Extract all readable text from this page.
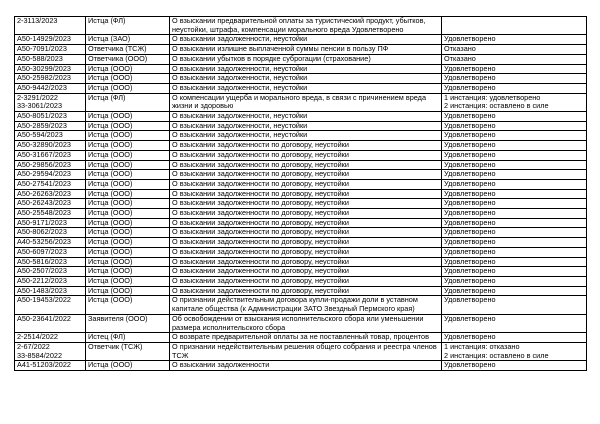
2-3113/2023	Истца (ФЛ)	О взыскании предварительной оплаты за туристический продукт, убытков, неустойки, штрафа, компенсации морального вреда Удовлетворено	
А50-14929/2023	Истца (ЗАО)	О взыскании задолженности, неустойки	Удовлетворено
А50-7091/2023	Ответчика (ТСЖ)	О взыскании излишне выплаченной суммы пенсии в пользу ПФ	Отказано
А50-588/2023	Ответчика (ООО)	О взыскании убытков в порядке суброгации (страхование)	Отказано
А50-30299/2023	Истца (ООО)	О взыскании задолженности, неустойки	Удовлетворено
А50-25982/2023	Истца (ООО)	О взыскании задолженности, неустойки	Удовлетворено
А50-9442/2023	Истца (ООО)	О взыскании задолженности, неустойки	Удовлетворено
2-3291/2022
33-3061/2023	Истца (ФЛ)	О компенсации ущерба и морального вреда, в связи с причинением вреда жизни и здоровью	1 инстанция: удовлетворено
2 инстанция: оставлено в силе
А50-8051/2023	Истца (ООО)	О взыскании задолженности, неустойки	Удовлетворено
А50-2859/2023	Истца (ООО)	О взыскании задолженности, неустойки	Удовлетворено
А50-594/2023	Истца (ООО)	О взыскании задолженности, неустойки	Удовлетворено
А50-32890/2023	Истца (ООО)	О взыскании задолженности по договору, неустойки	Удовлетворено
А50-31667/2023	Истца (ООО)	О взыскании задолженности по договору, неустойки	Удовлетворено
А50-29856/2023	Истца (ООО)	О взыскании задолженности по договору, неустойки	Удовлетворено
А50-29594/2023	Истца (ООО)	О взыскании задолженности по договору, неустойки	Удовлетворено
А50-27541/2023	Истца (ООО)	О взыскании задолженности по договору, неустойки	Удовлетворено
А50-26263/2023	Истца (ООО)	О взыскании задолженности по договору, неустойки	Удовлетворено
А50-26243/2023	Истца (ООО)	О взыскании задолженности по договору, неустойки	Удовлетворено
А50-25548/2023	Истца (ООО)	О взыскании задолженности по договору, неустойки	Удовлетворено
А50-9171/2023	Истца (ООО)	О взыскании задолженности по договору, неустойки	Удовлетворено
А50-8062/2023	Истца (ООО)	О взыскании задолженности по договору, неустойки	Удовлетворено
А40-53256/2023	Истца (ООО)	О взыскании задолженности по договору, неустойки	Удовлетворено
А50-6097/2023	Истца (ООО)	О взыскании задолженности по договору, неустойки	Удовлетворено
А50-5816/2023	Истца (ООО)	О взыскании задолженности по договору, неустойки	Удовлетворено
А50-2507/2023	Истца (ООО)	О взыскании задолженности по договору, неустойки	Удовлетворено
А50-2212/2023	Истца (ООО)	О взыскании задолженности по договору, неустойки	Удовлетворено
А50-1483/2023	Истца (ООО)	О взыскании задолженности по договору, неустойки	Удовлетворено
А50-19453/2022	Истца (ООО)	О признании действительным договора купли-продажи доли в уставном капитале общества (к Администрации ЗАТО Звездный Пермского края)	Удовлетворено
А50-23641/2022	Заявителя (ООО)	Об освобождении от взыскания исполнительского сбора или уменьшении размера исполнительского сбора	Удовлетворено
2-2514/2022	Истец (ФЛ)	О возврате предварительной оплаты за не поставленный товар, процентов	Удовлетворено
2-67/2022
33-8584/2022	Ответчик (ТСЖ)	О признании недействительным решения общего собрания и реестра членов ТСЖ	1 инстанция: отказано
2 инстанция: оставлено в силе
А41-51203/2022	Истца (ООО)	О взыскании задолженности	Удовлетворено
